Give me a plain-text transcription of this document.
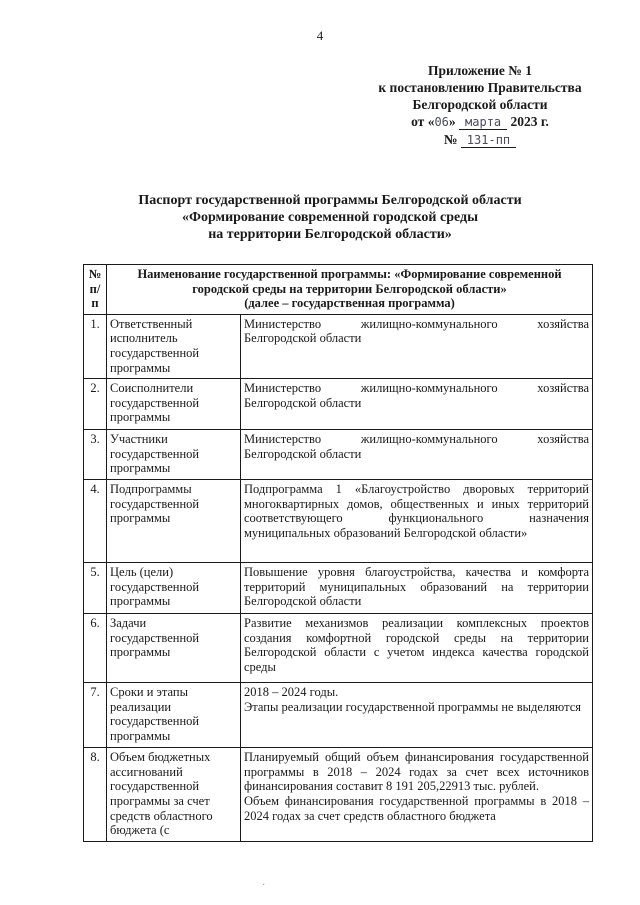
4
Приложение № 1
к постановлению Правительства
Белгородской области
от «06» марта 2023 г.
№ 131-пп
Паспорт государственной программы Белгородской области
«Формирование современной городской среды
на территории Белгородской области»
№ п/п	Наименование государственной программы: «Формирование современной городской среды на территории Белгородской области»
(далее – государственная программа)	

1.	Ответственный исполнитель государственной программы	Министерство жилищно-коммунального хозяйства Белгородской области
2.	Соисполнители государственной программы	Министерство жилищно-коммунального хозяйства Белгородской области
3.	Участники государственной программы	Министерство жилищно-коммунального хозяйства Белгородской области
4.	Подпрограммы государственной программы	Подпрограмма 1 «Благоустройство дворовых территорий многоквартирных домов, общественных и иных территорий соответствующего функционального назначения муниципальных образований Белгородской области»
5.	Цель (цели) государственной программы	Повышение уровня благоустройства, качества и комфорта территорий муниципальных образований на территории Белгородской области
6.	Задачи государственной программы	Развитие механизмов реализации комплексных проектов создания комфортной городской среды на территории Белгородской области с учетом индекса качества городской среды
7.	Сроки и этапы реализации государственной программы	2018 – 2024 годы.
Этапы реализации государственной программы не выделяются

8.	Объем бюджетных ассигнований государственной программы за счет средств областного бюджета (с	Планируемый общий объем финансирования государственной программы в 2018 – 2024 годах за счет всех источников финансирования составит 8 191 205,22913 тыс. рублей.
Объем финансирования государственной программы в 2018 – 2024 годах за счет средств областного бюджета
·
